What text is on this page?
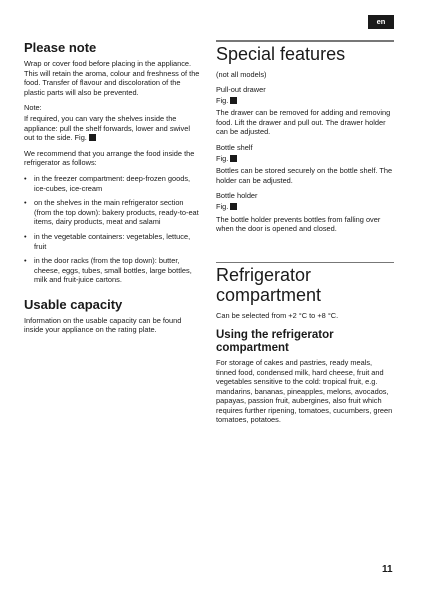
en
Please note

Wrap or cover food before placing in the appliance. This will retain the aroma, colour and freshness of the food. Transfer of flavour and discoloration of the plastic parts will also be prevented.

Note:

If required, you can vary the shelves inside the appliance: pull the shelf forwards, lower and swivel out to the side. Fig.

We recommend that you arrange the food inside the refrigerator as follows:

• in the freezer compartment: deep-frozen goods, ice-cubes, ice-cream
• on the shelves in the main refrigerator section (from the top down): bakery products, ready-to-eat items, dairy products, meat and salami
• in the vegetable containers: vegetables, lettuce, fruit
• in the door racks (from the top down): butter, cheese, eggs, tubes, small bottles, large bottles, milk and fruit-juice cartons.
Usable capacity

Information on the usable capacity can be found inside your appliance on the rating plate.

Special features

(not all models)

Pull-out drawer

Fig.

The drawer can be removed for adding and removing food. Lift the drawer and pull out. The drawer holder can be adjusted.

Bottle shelf

Fig.

Bottles can be stored securely on the bottle shelf. The holder can be adjusted.

Bottle holder

Fig.

The bottle holder prevents bottles from falling over when the door is opened and closed.

Refrigerator compartment

Can be selected from +2 °C to +8 °C.

Using the refrigerator compartment

For storage of cakes and pastries, ready meals, tinned food, condensed milk, hard cheese, fruit and vegetables sensitive to the cold: tropical fruit, e.g. mandarins, bananas, pineapples, melons, avocados, papayas, passion fruit, aubergines, also fruit which requires further ripening, tomatoes, cucumbers, green tomatoes, potatoes.

11
